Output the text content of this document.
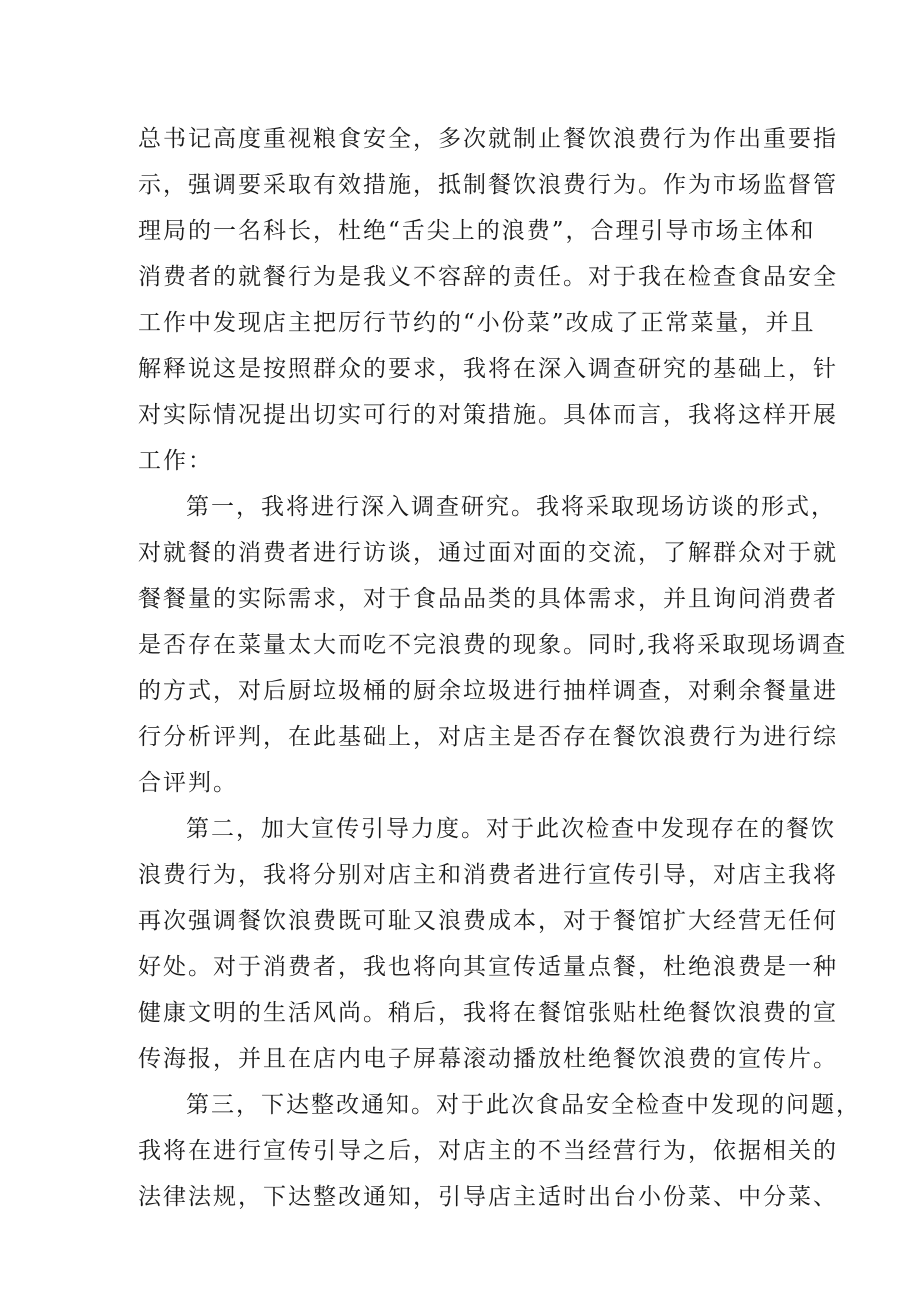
总书记高度重视粮食安全，多次就制止餐饮浪费行为作出重要指
示，强调要采取有效措施，抵制餐饮浪费行为。作为市场监督管
理局的一名科长，杜绝“舌尖上的浪费”，合理引导市场主体和
消费者的就餐行为是我义不容辞的责任。对于我在检查食品安全
工作中发现店主把厉行节约的“小份菜”改成了正常菜量，并且
解释说这是按照群众的要求，我将在深入调查研究的基础上，针
对实际情况提出切实可行的对策措施。具体而言，我将这样开展
工作：
第一，我将进行深入调查研究。我将采取现场访谈的形式，
对就餐的消费者进行访谈，通过面对面的交流，了解群众对于就
餐餐量的实际需求，对于食品品类的具体需求，并且询问消费者
是否存在菜量太大而吃不完浪费的现象。同时,我将采取现场调查
的方式，对后厨垃圾桶的厨余垃圾进行抽样调查，对剩余餐量进
行分析评判，在此基础上，对店主是否存在餐饮浪费行为进行综
合评判。
第二，加大宣传引导力度。对于此次检查中发现存在的餐饮
浪费行为，我将分别对店主和消费者进行宣传引导，对店主我将
再次强调餐饮浪费既可耻又浪费成本，对于餐馆扩大经营无任何
好处。对于消费者，我也将向其宣传适量点餐，杜绝浪费是一种
健康文明的生活风尚。稍后，我将在餐馆张贴杜绝餐饮浪费的宣
传海报，并且在店内电子屏幕滚动播放杜绝餐饮浪费的宣传片。
第三，下达整改通知。对于此次食品安全检查中发现的问题，
我将在进行宣传引导之后，对店主的不当经营行为，依据相关的
法律法规，下达整改通知，引导店主适时出台小份菜、中分菜、
